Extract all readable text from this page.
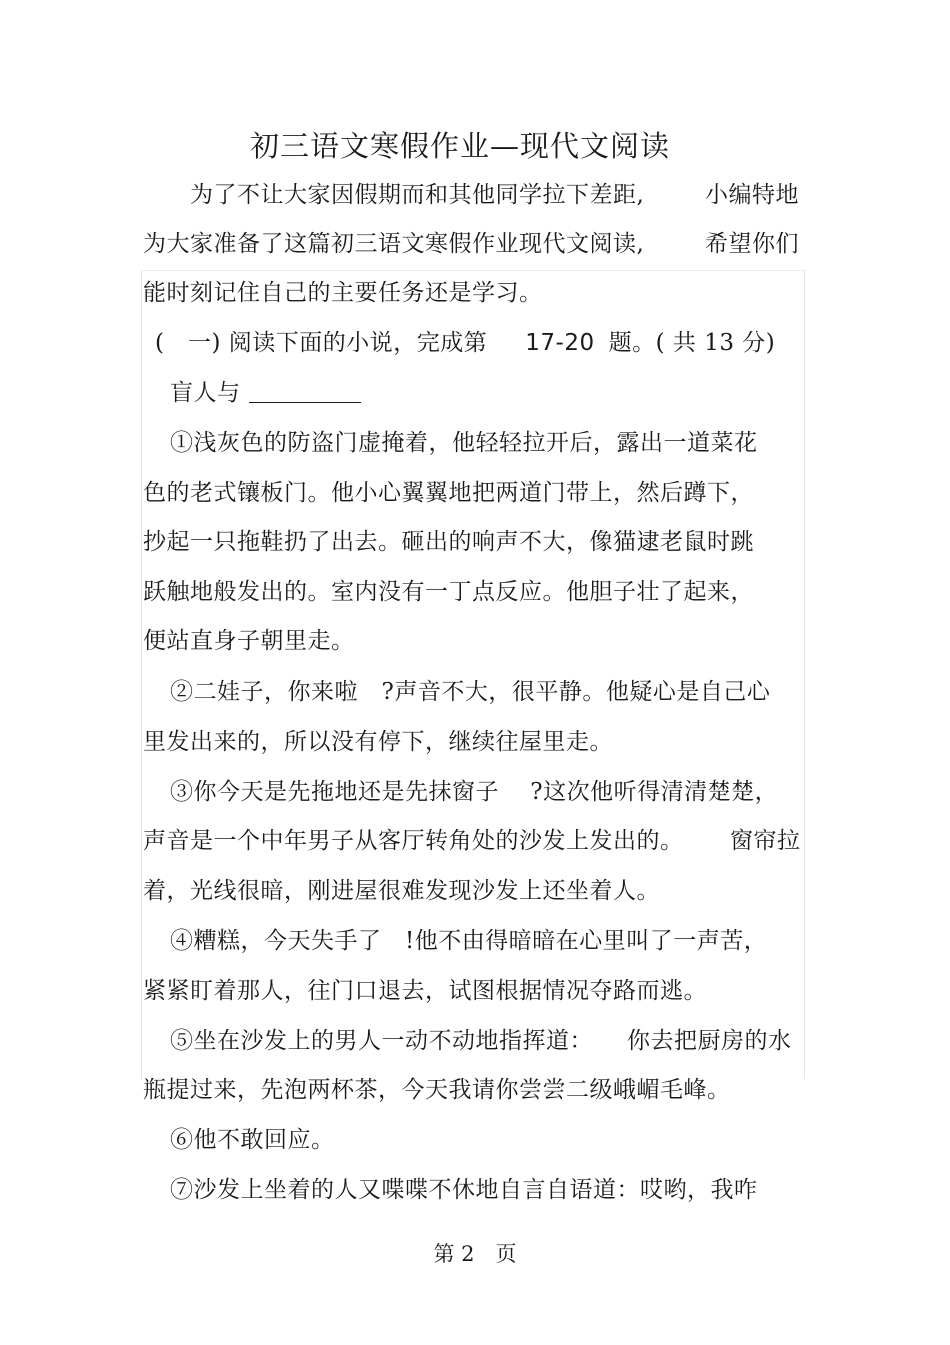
初三语文寒假作业—现代文阅读
为了不让大家因假期而和其他同学拉下差距,	小编特地
为大家准备了这篇初三语文寒假作业现代文阅读,	希望你们
能时刻记住自己的主要任务还是学习。
(　一) 阅读下面的小说，完成第 17-20 题。( 共 13 分)
盲人与
①浅灰色的防盗门虚掩着，他轻轻拉开后，露出一道菜花
色的老式镶板门。他小心翼翼地把两道门带上，然后蹲下，
抄起一只拖鞋扔了出去。砸出的响声不大，像猫逮老鼠时跳
跃触地般发出的。室内没有一丁点反应。他胆子壮了起来，
便站直身子朝里走。
②二娃子，你来啦　?声音不大，很平静。他疑心是自己心
里发出来的，所以没有停下，继续往屋里走。
③你今天是先拖地还是先抹窗子　 ?这次他听得清清楚楚，
声音是一个中年男子从客厅转角处的沙发上发出的。 窗帘拉
着，光线很暗，刚进屋很难发现沙发上还坐着人。
④糟糕，今天失手了　!他不由得暗暗在心里叫了一声苦，
紧紧盯着那人，往门口退去，试图根据情况夺路而逃。
⑤坐在沙发上的男人一动不动地指挥道： 你去把厨房的水
瓶提过来，先泡两杯茶，今天我请你尝尝二级峨嵋毛峰。
⑥他不敢回应。
⑦沙发上坐着的人又喋喋不休地自言自语道：哎哟，我咋
第 2　页
